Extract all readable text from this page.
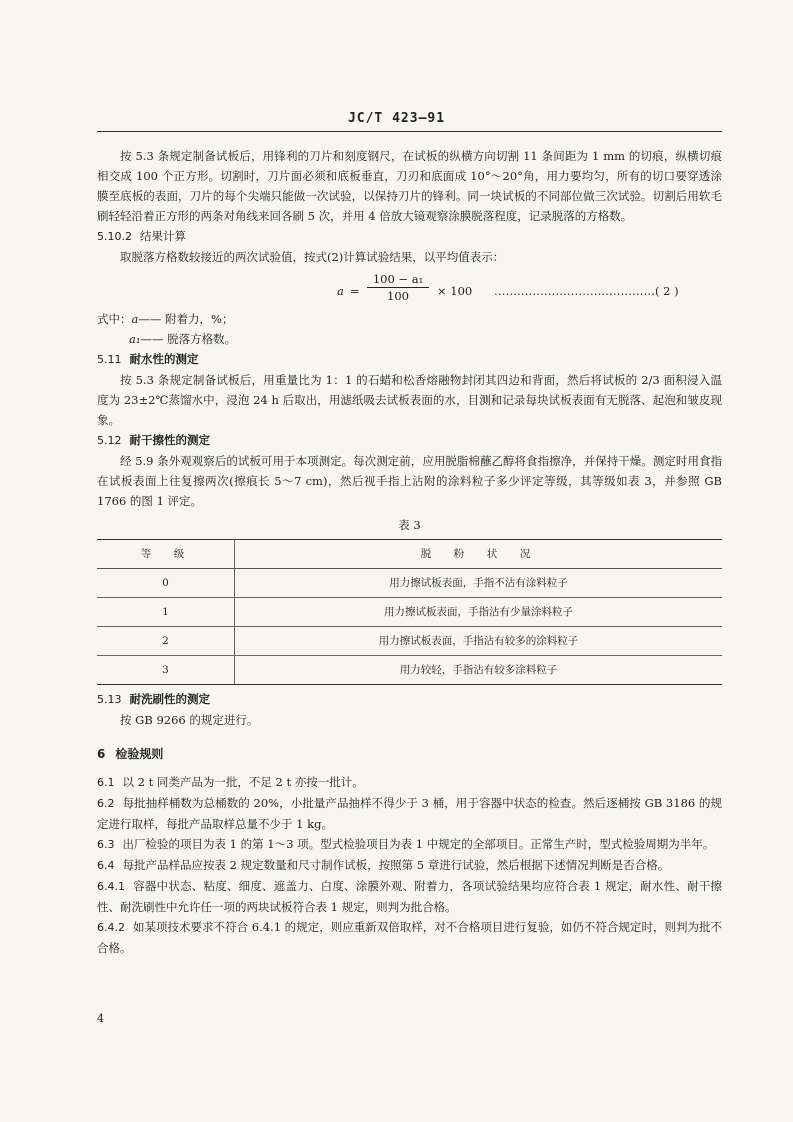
JC/T 423—91

按 5.3 条规定制备试板后，用锋利的刀片和刻度钢尺，在试板的纵横方向切割 11 条间距为 1 mm 的切痕，纵横切痕相交成 100 个正方形。切割时，刀片面必须和底板垂直，刀刃和底面成 10°～20°角，用力要均匀，所有的切口要穿透涂膜至底板的表面，刀片的每个尖端只能做一次试验，以保持刀片的锋利。同一块试板的不同部位做三次试验。切割后用软毛刷轻轻沿着正方形的两条对角线来回各刷 5 次，并用 4 倍放大镜观察涂膜脱落程度，记录脱落的方格数。

5.10.2 结果计算

取脱落方格数较接近的两次试验值，按式(2)计算试验结果，以平均值表示：

$a = \frac{\text{100 − a₁}}{100} \times 100$ ……………………………………( 2 )

式中：a—— 附着力，%；

a₁—— 脱落方格数。

5.11 耐水性的测定

按 5.3 条规定制备试板后，用重量比为 1：1 的石蜡和松香熔融物封闭其四边和背面，然后将试板的 2/3 面积浸入温度为 23±2℃蒸馏水中，浸泡 24 h 后取出，用滤纸吸去试板表面的水，目测和记录每块试板表面有无脱落、起泡和皱皮现象。

5.12 耐干擦性的测定

经 5.9 条外观观察后的试板可用于本项测定。每次测定前，应用脱脂棉蘸乙醇将食指擦净，并保持干燥。测定时用食指在试板表面上往复擦两次(擦痕长 5～7 cm)，然后视手指上沾附的涂料粒子多少评定等级，其等级如表 3，并参照 GB 1766 的图 1 评定。

表 3
等　级	脱　粉　状　况
0	用力擦试板表面，手指不沾有涂料粒子
1	用力擦试板表面，手指沾有少量涂料粒子
2	用力擦试板表面，手指沾有较多的涂料粒子
3	用力较轻，手指沾有较多涂料粒子

5.13 耐洗刷性的测定

按 GB 9266 的规定进行。

6 检验规则

6.1 以 2 t 同类产品为一批，不足 2 t 亦按一批计。

6.2 每批抽样桶数为总桶数的 20%，小批量产品抽样不得少于 3 桶，用于容器中状态的检查。然后逐桶按 GB 3186 的规定进行取样，每批产品取样总量不少于 1 kg。

6.3 出厂检验的项目为表 1 的第 1～3 项。型式检验项目为表 1 中规定的全部项目。正常生产时，型式检验周期为半年。

6.4 每批产品样品应按表 2 规定数量和尺寸制作试板，按照第 5 章进行试验，然后根据下述情况判断是否合格。

6.4.1 容器中状态、粘度、细度、遮盖力、白度、涂膜外观、附着力，各项试验结果均应符合表 1 规定，耐水性、耐干擦性、耐洗刷性中允许任一项的两块试板符合表 1 规定，则判为批合格。

6.4.2 如某项技术要求不符合 6.4.1 的规定，则应重新双倍取样，对不合格项目进行复验，如仍不符合规定时，则判为批不合格。

4
